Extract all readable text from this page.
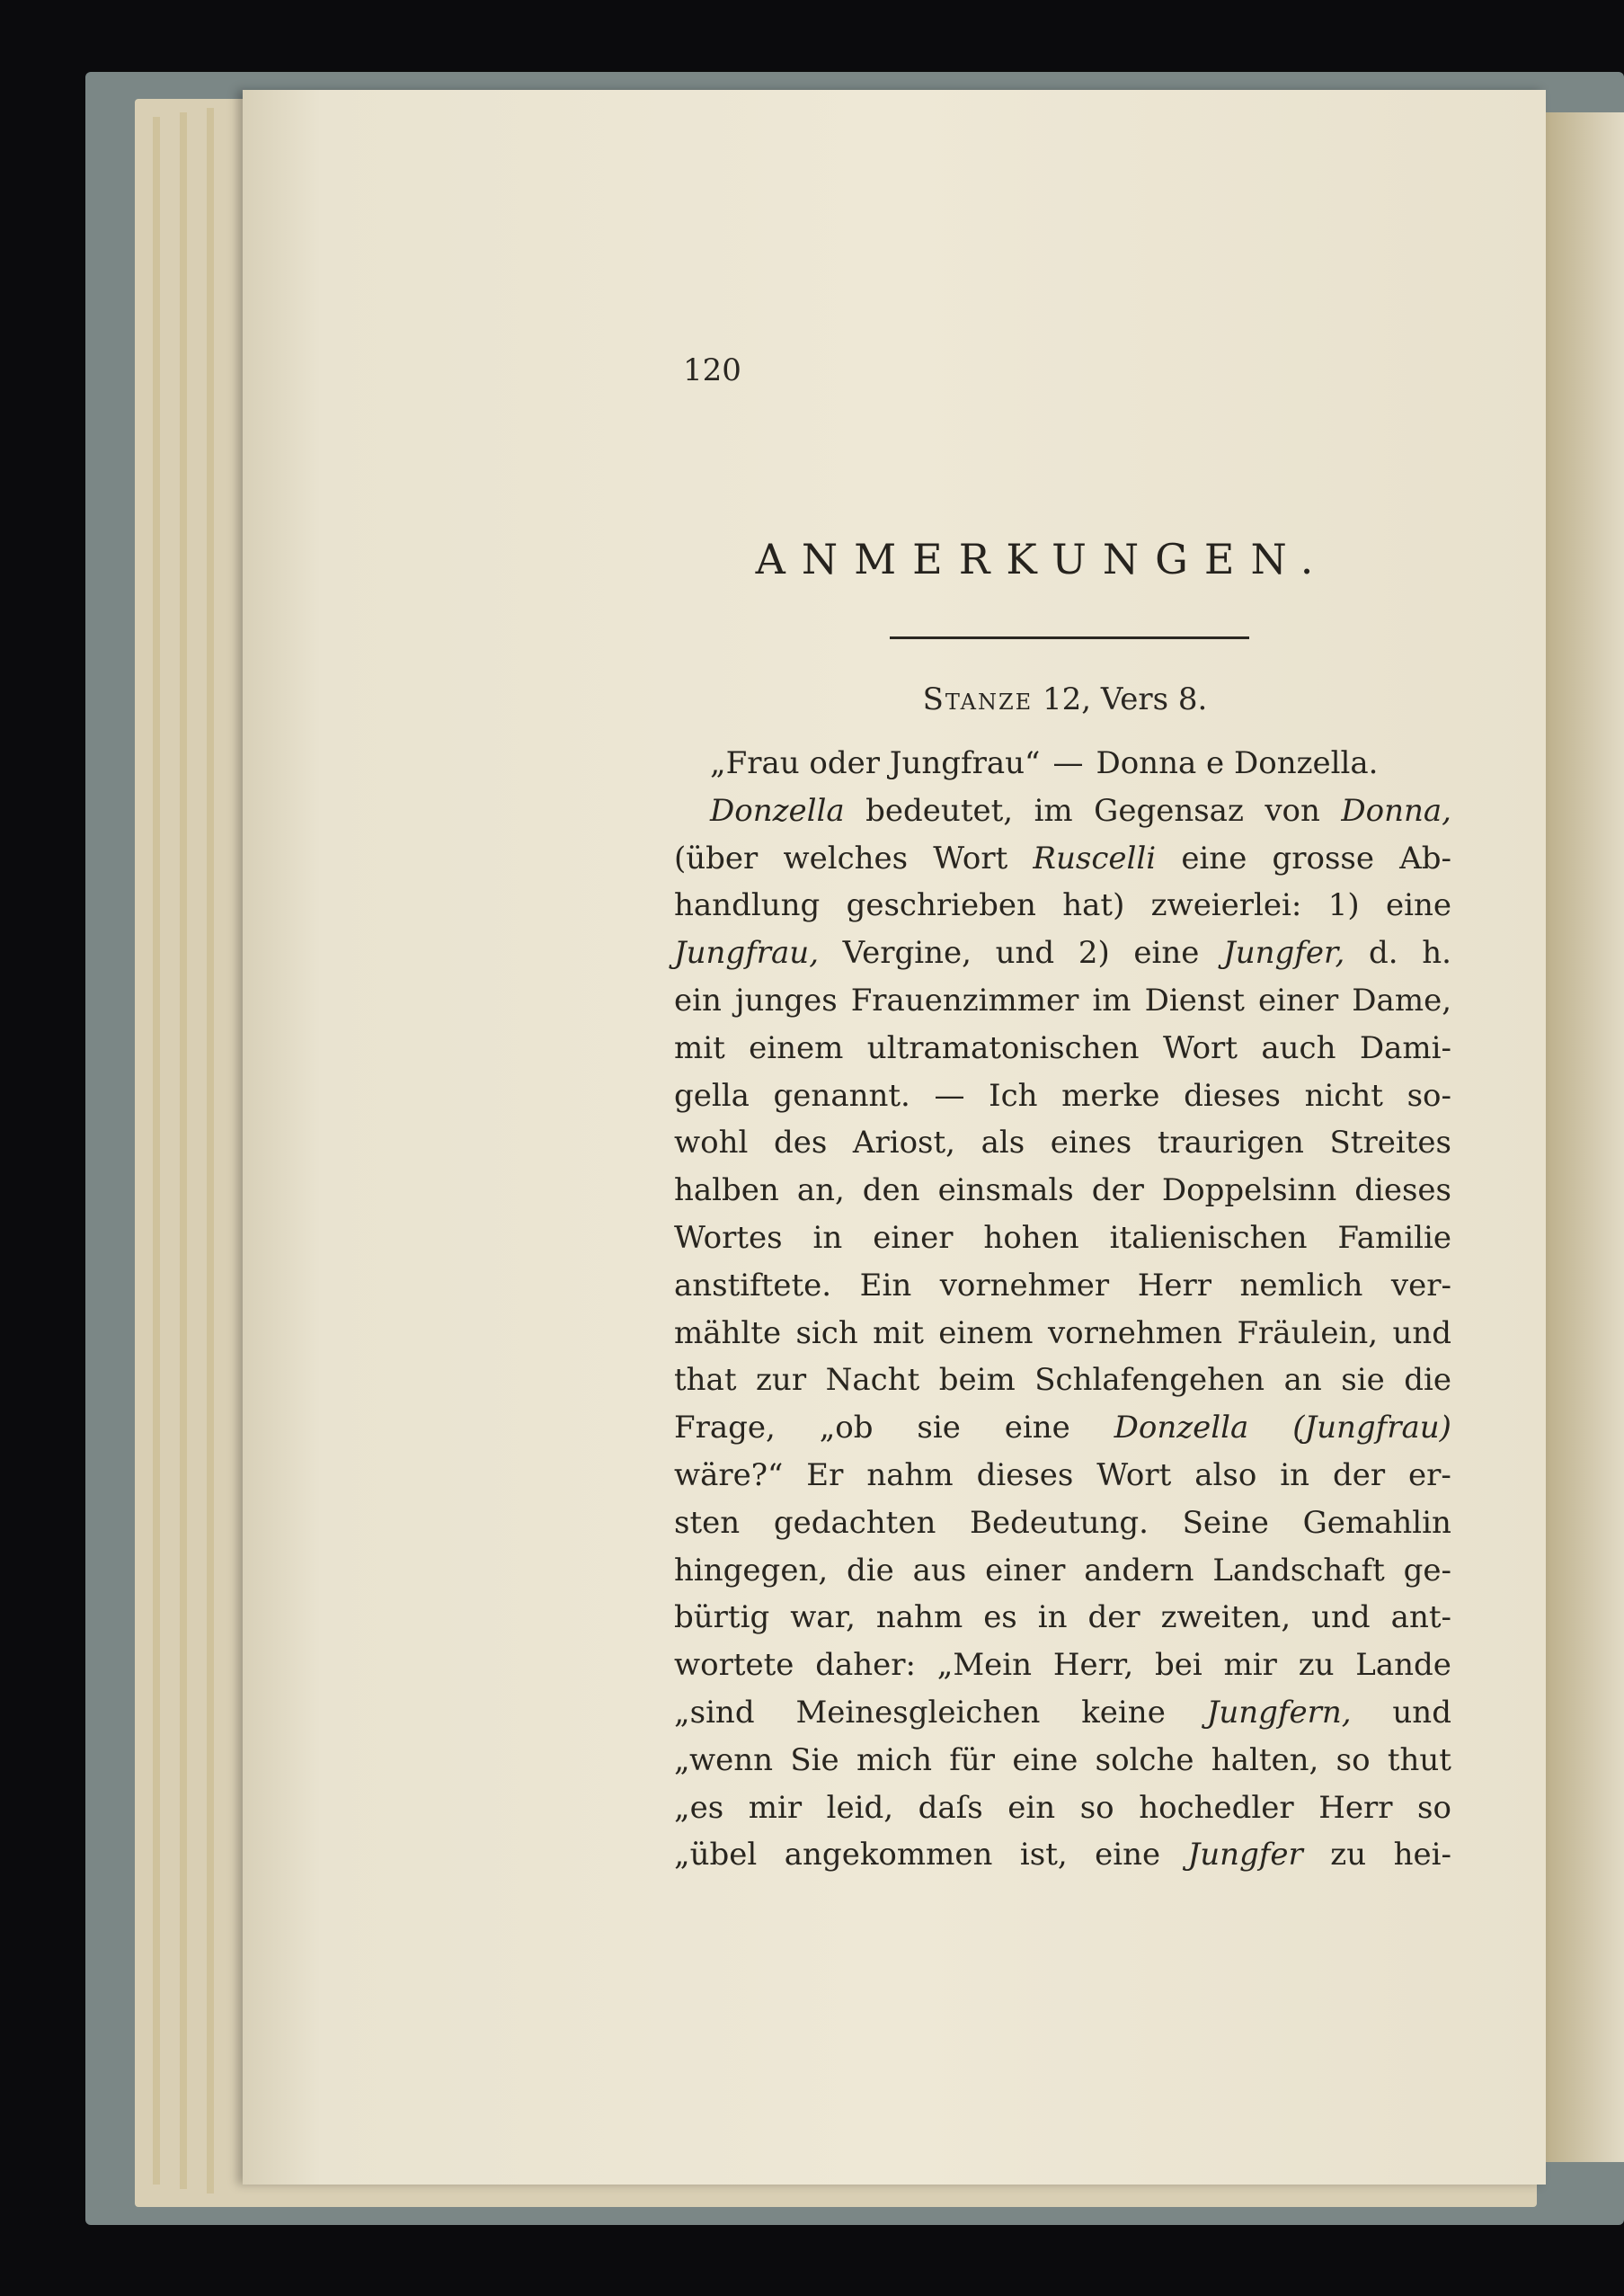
120
ANMERKUNGEN.
Stanze 12, Vers 8.
„Frau oder Jungfrau“ — Donna e Donzella.
Donzella bedeutet, im Gegensaz von Donna,
(über welches Wort Ruscelli eine grosse Ab-
handlung geschrieben hat) zweierlei: 1) eine
Jungfrau, Vergine, und 2) eine Jungfer, d. h.
ein junges Frauenzimmer im Dienst einer Dame,
mit einem ultramatonischen Wort auch Dami-
gella genannt. — Ich merke dieses nicht so-
wohl des Ariost, als eines traurigen Streites
halben an, den einsmals der Doppelsinn dieses
Wortes in einer hohen italienischen Familie
anstiftete. Ein vornehmer Herr nemlich ver-
mählte sich mit einem vornehmen Fräulein, und
that zur Nacht beim Schlafengehen an sie die
Frage, „ob sie eine Donzella (Jungfrau)
wäre?“ Er nahm dieses Wort also in der er-
sten gedachten Bedeutung. Seine Gemahlin
hingegen, die aus einer andern Landschaft ge-
bürtig war, nahm es in der zweiten, und ant-
wortete daher: „Mein Herr, bei mir zu Lande
„sind Meinesgleichen keine Jungfern, und
„wenn Sie mich für eine solche halten, so thut
„es mir leid, daſs ein so hochedler Herr so
„übel angekommen ist, eine Jungfer zu hei-
